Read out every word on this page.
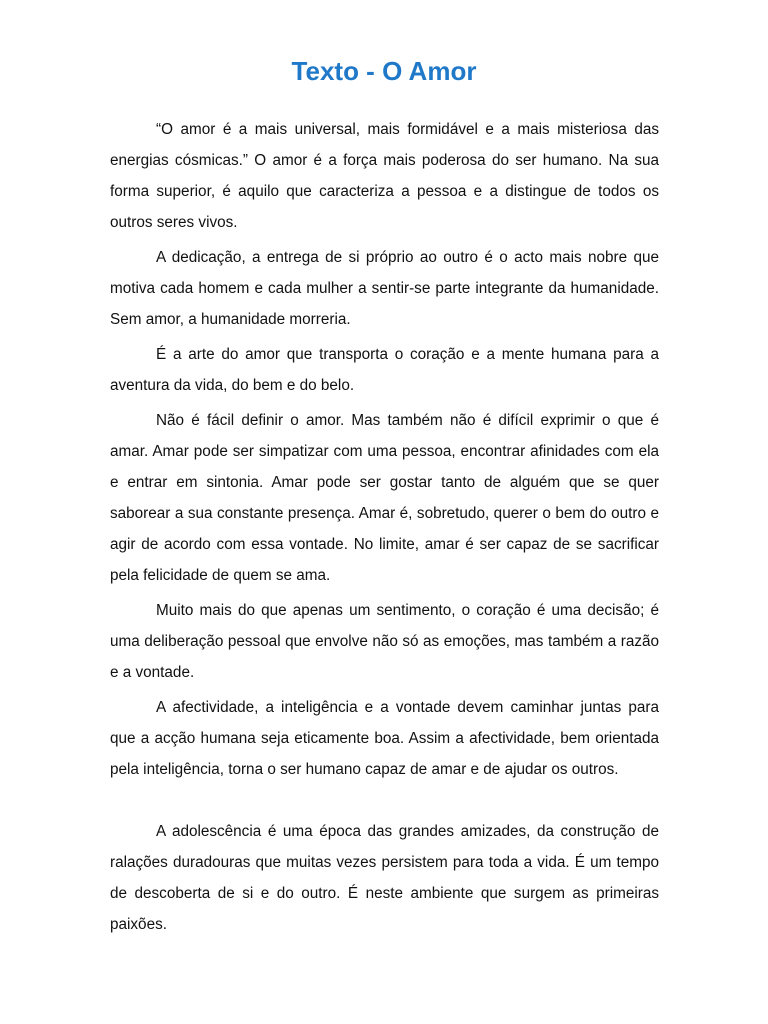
Texto - O Amor

“O amor é a mais universal, mais formidável e a mais misteriosa das energias cósmicas.” O amor é a força mais poderosa do ser humano. Na sua forma superior, é aquilo que caracteriza a pessoa e a distingue de todos os outros seres vivos.

A dedicação, a entrega de si próprio ao outro é o acto mais nobre que motiva cada homem e cada mulher a sentir-se parte integrante da humanidade. Sem amor, a humanidade morreria.

É a arte do amor que transporta o coração e a mente humana para a aventura da vida, do bem e do belo.

Não é fácil definir o amor. Mas também não é difícil exprimir o que é amar. Amar pode ser simpatizar com uma pessoa, encontrar afinidades com ela e entrar em sintonia. Amar pode ser gostar tanto de alguém que se quer saborear a sua constante presença. Amar é, sobretudo, querer o bem do outro e agir de acordo com essa vontade. No limite, amar é ser capaz de se sacrificar pela felicidade de quem se ama.

Muito mais do que apenas um sentimento, o coração é uma decisão; é uma deliberação pessoal que envolve não só as emoções, mas também a razão e a vontade.

A afectividade, a inteligência e a vontade devem caminhar juntas para que a acção humana seja eticamente boa. Assim a afectividade, bem orientada pela inteligência, torna o ser humano capaz de amar e de ajudar os outros.

A adolescência é uma época das grandes amizades, da construção de ralações duradouras que muitas vezes persistem para toda a vida. É um tempo de descoberta de si e do outro. É neste ambiente que surgem as primeiras paixões.
